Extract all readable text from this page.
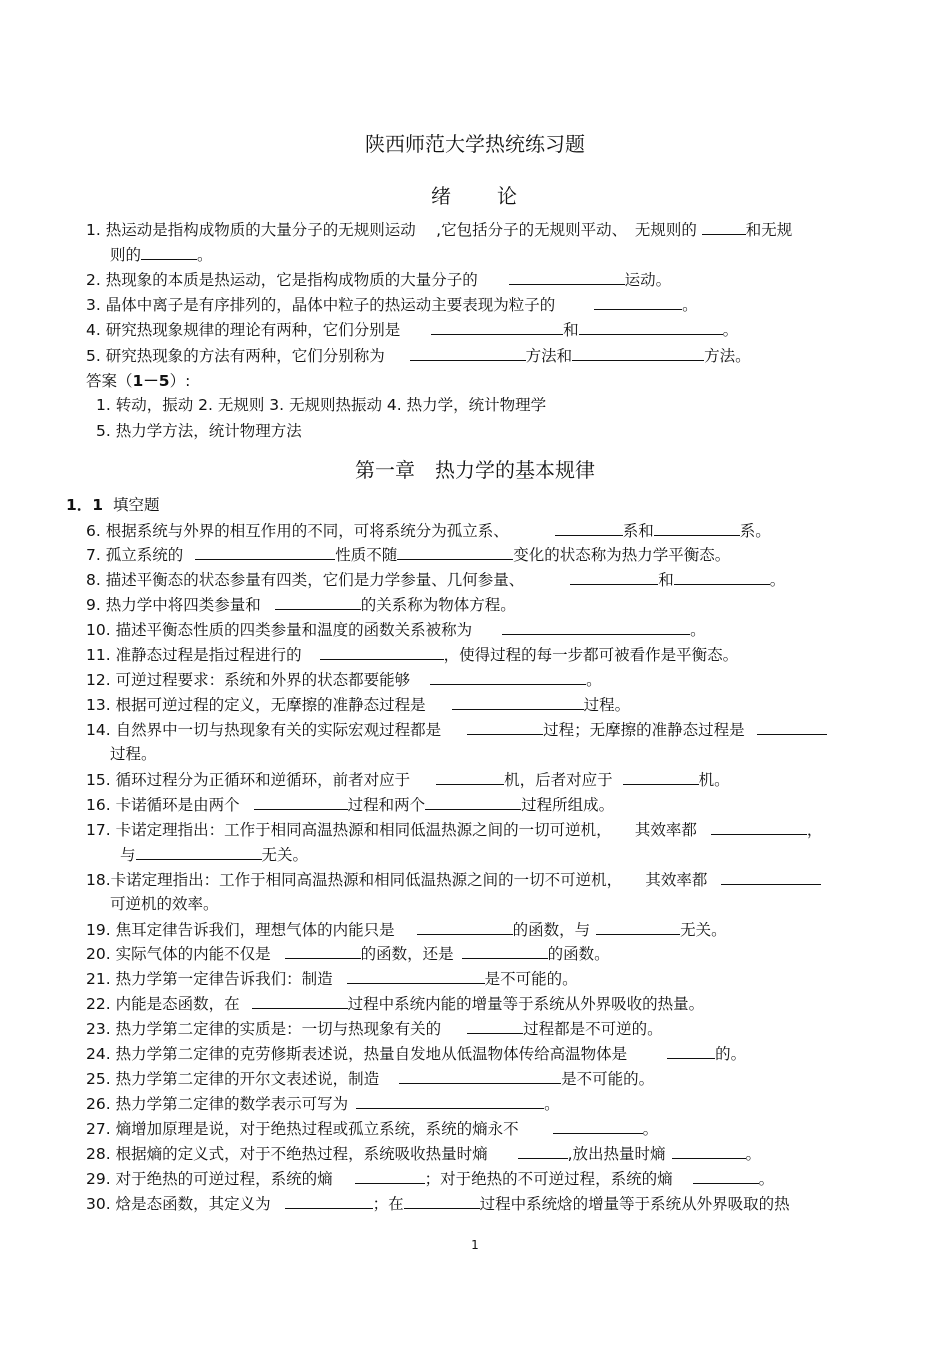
陕西师范大学热统练习题
绪　　论
1. 热运动是指构成物质的大量分子的无规则运动　 ,它包括分子的无规则平动、　无规则的	和无规
则的	。
2. 热现象的本质是热运动，它是指构成物质的大量分子的	运动。
3. 晶体中离子是有序排列的，晶体中粒子的热运动主要表现为粒子的	。
4. 研究热现象规律的理论有两种，它们分别是	和	。
5. 研究热现象的方法有两种，它们分别称为	方法和	方法。
答案（1－5）:
1. 转动，振动 2. 无规则 3. 无规则热振动 4. 热力学，统计物理学
5. 热力学方法，统计物理方法
第一章　热力学的基本规律
1．1 填空题
6. 根据系统与外界的相互作用的不同，可将系统分为孤立系、	系和	系。
7. 孤立系统的	性质不随	变化的状态称为热力学平衡态。
8. 描述平衡态的状态参量有四类，它们是力学参量、几何参量、	和	。
9. 热力学中将四类参量和	的关系称为物体方程。
10. 描述平衡态性质的四类参量和温度的函数关系被称为	。
11. 准静态过程是指过程进行的	，使得过程的每一步都可被看作是平衡态。
12. 可逆过程要求：系统和外界的状态都要能够	。
13. 根据可逆过程的定义，无摩擦的准静态过程是	过程。
14. 自然界中一切与热现象有关的实际宏观过程都是	过程；无摩擦的准静态过程是
过程。
15. 循环过程分为正循环和逆循环，前者对应于	机，后者对应于	机。
16. 卡诺循环是由两个	过程和两个	过程所组成。
17. 卡诺定理指出：工作于相同高温热源和相同低温热源之间的一切可逆机，　　其效率都	，
与	无关。
18.卡诺定理指出：工作于相同高温热源和相同低温热源之间的一切不可逆机，　　其效率都
可逆机的效率。
19. 焦耳定律告诉我们，理想气体的内能只是	的函数，与	无关。
20. 实际气体的内能不仅是	的函数，还是	的函数。
21. 热力学第一定律告诉我们：制造	是不可能的。
22. 内能是态函数，在	过程中系统内能的增量等于系统从外界吸收的热量。
23. 热力学第二定律的实质是：一切与热现象有关的	过程都是不可逆的。
24. 热力学第二定律的克劳修斯表述说，热量自发地从低温物体传给高温物体是	的。
25. 热力学第二定律的开尔文表述说，制造	是不可能的。
26. 热力学第二定律的数学表示可写为	。
27. 熵增加原理是说，对于绝热过程或孤立系统，系统的熵永不	。
28. 根据熵的定义式，对于不绝热过程，系统吸收热量时熵	,放出热量时熵	。
29. 对于绝热的可逆过程，系统的熵	；对于绝热的不可逆过程，系统的熵	。
30. 焓是态函数，其定义为	；在	过程中系统焓的增量等于系统从外界吸取的热
1
